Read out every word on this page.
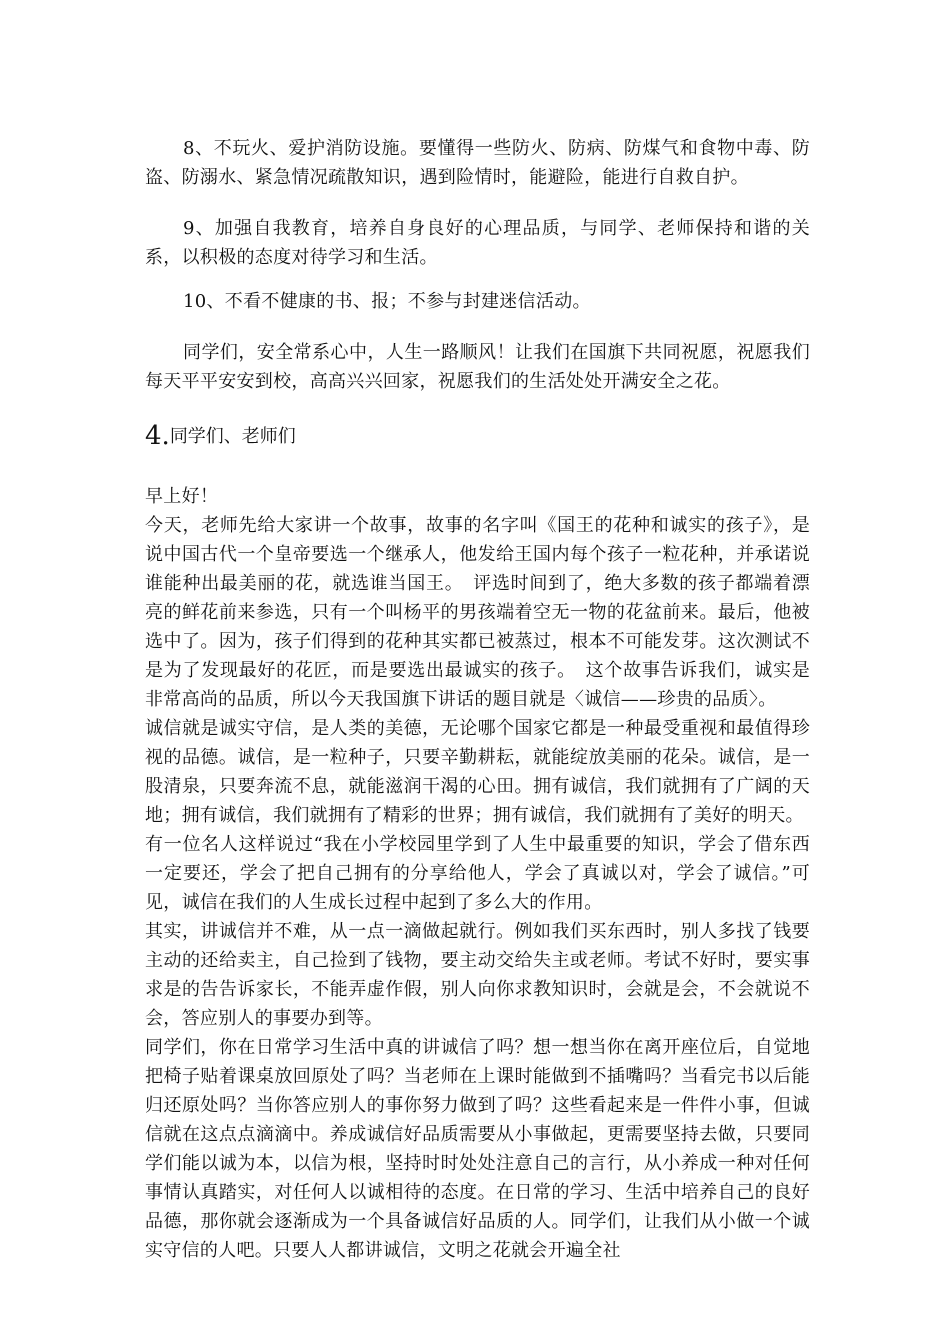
8、不玩火、爱护消防设施。要懂得一些防火、防病、防煤气和食物中毒、防盗、防溺水、紧急情况疏散知识，遇到险情时，能避险，能进行自救自护。

9、加强自我教育，培养自身良好的心理品质，与同学、老师保持和谐的关系，以积极的态度对待学习和生活。

10、不看不健康的书、报；不参与封建迷信活动。

同学们，安全常系心中，人生一路顺风！让我们在国旗下共同祝愿，祝愿我们每天平平安安到校，高高兴兴回家，祝愿我们的生活处处开满安全之花。

4.同学们、老师们

早上好！

今天，老师先给大家讲一个故事，故事的名字叫《国王的花种和诚实的孩子》，是说中国古代一个皇帝要选一个继承人，他发给王国内每个孩子一粒花种，并承诺说谁能种出最美丽的花，就选谁当国王。　评选时间到了，绝大多数的孩子都端着漂亮的鲜花前来参选，只有一个叫杨平的男孩端着空无一物的花盆前来。最后，他被选中了。因为，孩子们得到的花种其实都已被蒸过，根本不可能发芽。这次测试不是为了发现最好的花匠，而是要选出最诚实的孩子。　这个故事告诉我们，诚实是非常高尚的品质，所以今天我国旗下讲话的题目就是〈诚信——珍贵的品质〉。

诚信就是诚实守信，是人类的美德，无论哪个国家它都是一种最受重视和最值得珍视的品德。诚信，是一粒种子，只要辛勤耕耘，就能绽放美丽的花朵。诚信，是一股清泉，只要奔流不息，就能滋润干渴的心田。拥有诚信，我们就拥有了广阔的天地；拥有诚信，我们就拥有了精彩的世界；拥有诚信，我们就拥有了美好的明天。

有一位名人这样说过“我在小学校园里学到了人生中最重要的知识，学会了借东西一定要还，学会了把自己拥有的分享给他人，学会了真诚以对，学会了诚信。”可见，诚信在我们的人生成长过程中起到了多么大的作用。

其实，讲诚信并不难，从一点一滴做起就行。例如我们买东西时，别人多找了钱要主动的还给卖主，自己捡到了钱物，要主动交给失主或老师。考试不好时，要实事求是的告告诉家长，不能弄虚作假，别人向你求教知识时，会就是会，不会就说不会，答应别人的事要办到等。

同学们，你在日常学习生活中真的讲诚信了吗？想一想当你在离开座位后，自觉地把椅子贴着课桌放回原处了吗？当老师在上课时能做到不插嘴吗？当看完书以后能归还原处吗？当你答应别人的事你努力做到了吗？这些看起来是一件件小事，但诚信就在这点点滴滴中。养成诚信好品质需要从小事做起，更需要坚持去做，只要同学们能以诚为本，以信为根，坚持时时处处注意自己的言行，从小养成一种对任何事情认真踏实，对任何人以诚相待的态度。在日常的学习、生活中培养自己的良好品德，那你就会逐渐成为一个具备诚信好品质的人。同学们，让我们从小做一个诚实守信的人吧。只要人人都讲诚信，文明之花就会开遍全社
